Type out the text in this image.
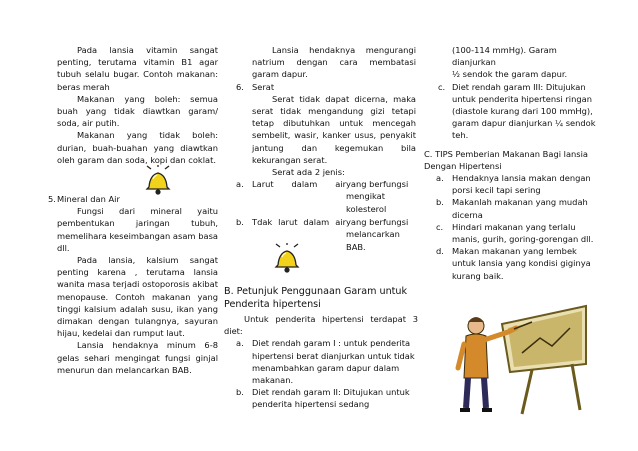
Pada lansia vitamin sangat penting, terutama vitamin B1 agar tubuh selalu bugar. Contoh makanan: beras merah

Makanan yang boleh: semua buah yang tidak diawtkan garam/ soda, air putih.

Makanan yang tidak boleh: durian, buah-buahan yang diawtkan oleh garam dan soda, kopi dan coklat.

5. Mineral dan Air

Fungsi dari mineral yaitu pembentukan jaringan tubuh, memelihara keseimbangan asam basa dll.

Pada lansia, kalsium sangat penting karena , terutama lansia wanita masa terjadi ostoporosis akibat menopause. Contoh makanan yang tinggi kalsium adalah susu, ikan yang dimakan dengan tulangnya, sayuran hijau, kedelai dan rumput laut.

Lansia hendaknya minum 6-8 gelas sehari mengingat fungsi ginjal menurun dan melancarkan BAB.

Lansia hendaknya mengurangi natrium dengan cara membatasi garam dapur.

6. Serat

Serat tidak dapat dicerna, maka serat tidak mengandung gizi tetapi tetap dibutuhkan untuk mencegah sembelit, wasir, kanker usus, penyakit jantung dan kegemukan bila kekurangan serat.

Serat ada 2 jenis:

a. Larut dalam air yang berfungsi mengikat kolesterol
b. Tdak larut dalam air yang berfungsi melancarkan BAB.
B. Petunjuk Penggunaan Garam untuk
Penderita hipertensi

Untuk penderita hipertensi terdapat 3 diet:

a. Diet rendah garam I : untuk penderita hipertensi berat dianjurkan untuk tidak menambahkan garam dapur dalam makanan.
b. Diet rendah garam II: Ditujukan untuk penderita hipertensi sedang
(100-114 mmHg). Garam dianjurkan
½ sendok the garam dapur.
c. Diet rendah garam III: Ditujukan untuk penderita hipertensi ringan (diastole kurang dari 100 mmHg), garam dapur dianjurkan ¼ sendok teh.
C. TIPS Pemberian Makanan Bagi lansia Dengan Hipertensi
a. Hendaknya lansia makan dengan porsi kecil tapi sering
b. Makanlah makanan yang mudah dicerna
c. Hindari makanan yang terlalu manis, gurih, goring-gorengan dll.
d. Makan makanan yang lembek untuk lansia yang kondisi giginya kurang baik.
